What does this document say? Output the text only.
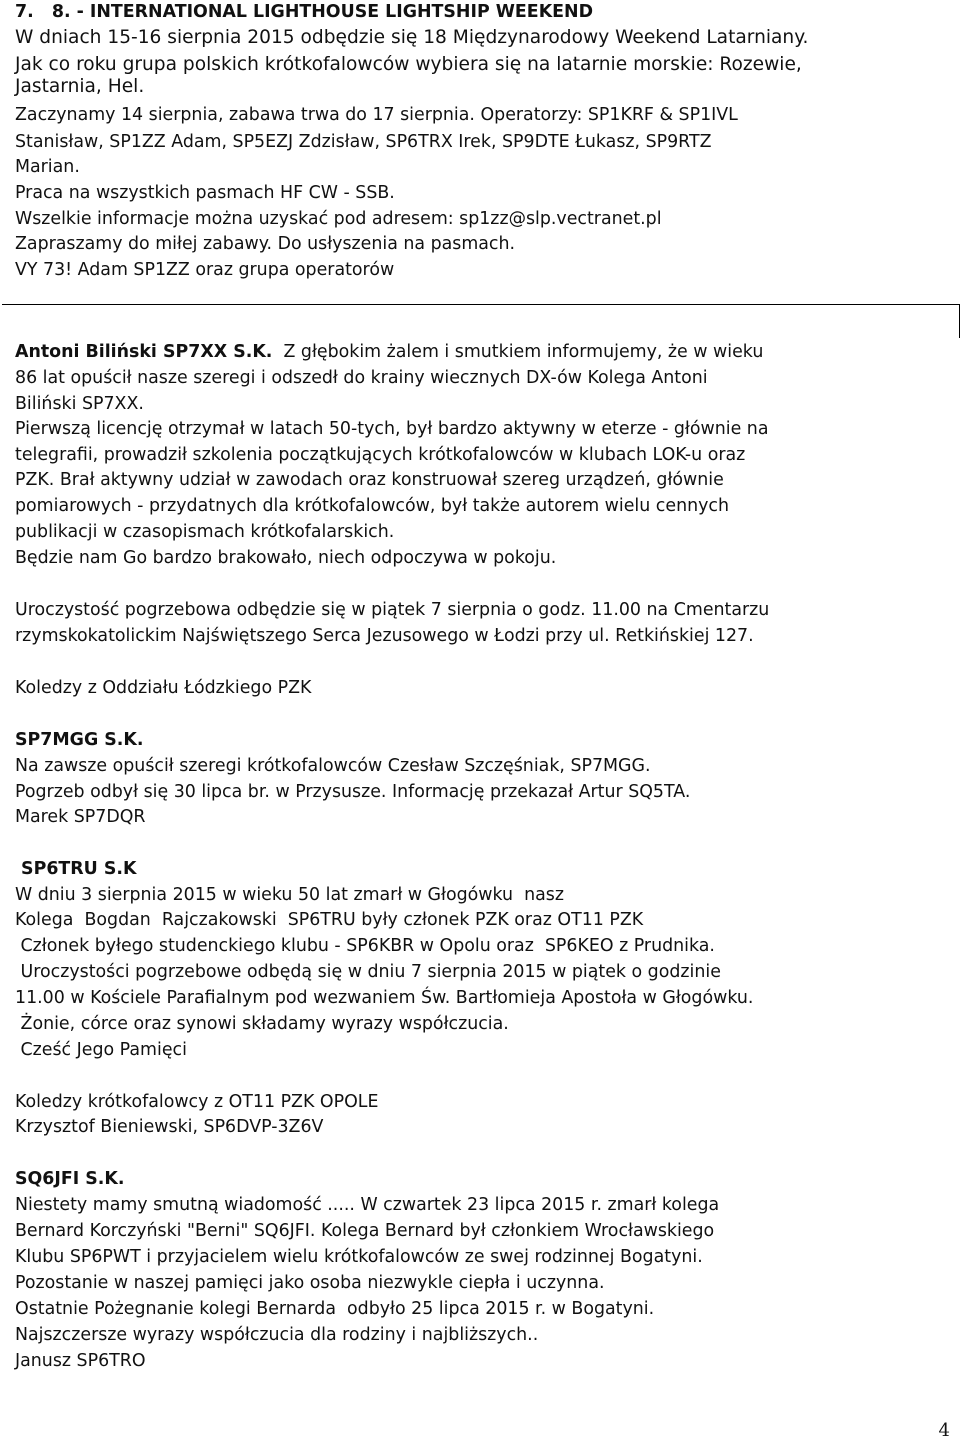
7.   8. - INTERNATIONAL LIGHTHOUSE LIGHTSHIP WEEKEND
W dniach 15-16 sierpnia 2015 odbędzie się 18 Międzynarodowy Weekend Latarniany.
Jak co roku grupa polskich krótkofalowców wybiera się na latarnie morskie: Rozewie,
Jastarnia, Hel.
Zaczynamy 14 sierpnia, zabawa trwa do 17 sierpnia. Operatorzy: SP1KRF & SP1IVL
Stanisław, SP1ZZ Adam, SP5EZJ Zdzisław, SP6TRX Irek, SP9DTE Łukasz, SP9RTZ
Marian.
Praca na wszystkich pasmach HF CW - SSB.
Wszelkie informacje można uzyskać pod adresem: sp1zz@slp.vectranet.pl
Zapraszamy do miłej zabawy. Do usłyszenia na pasmach.
VY 73! Adam SP1ZZ oraz grupa operatorów
Antoni Biliński SP7XX S.K.  Z głębokim żalem i smutkiem informujemy, że w wieku
86 lat opuścił nasze szeregi i odszedł do krainy wiecznych DX-ów Kolega Antoni
Biliński SP7XX.
Pierwszą licencję otrzymał w latach 50-tych, był bardzo aktywny w eterze - głównie na
telegrafii, prowadził szkolenia początkujących krótkofalowców w klubach LOK-u oraz
PZK. Brał aktywny udział w zawodach oraz konstruował szereg urządzeń, głównie
pomiarowych - przydatnych dla krótkofalowców, był także autorem wielu cennych
publikacji w czasopismach krótkofalarskich.
Będzie nam Go bardzo brakowało, niech odpoczywa w pokoju.
Uroczystość pogrzebowa odbędzie się w piątek 7 sierpnia o godz. 11.00 na Cmentarzu
rzymskokatolickim Najświętszego Serca Jezusowego w Łodzi przy ul. Retkińskiej 127.
Koledzy z Oddziału Łódzkiego PZK
SP7MGG S.K.
Na zawsze opuścił szeregi krótkofalowców Czesław Szczęśniak, SP7MGG.
Pogrzeb odbył się 30 lipca br. w Przysusze. Informację przekazał Artur SQ5TA.
Marek SP7DQR
SP6TRU S.K
W dniu 3 sierpnia 2015 w wieku 50 lat zmarł w Głogówku  nasz
Kolega  Bogdan  Rajczakowski  SP6TRU były członek PZK oraz OT11 PZK
Członek byłego studenckiego klubu - SP6KBR w Opolu oraz  SP6KEO z Prudnika.
Uroczystości pogrzebowe odbędą się w dniu 7 sierpnia 2015 w piątek o godzinie
11.00 w Kościele Parafialnym pod wezwaniem Św. Bartłomieja Apostoła w Głogówku.
Żonie, córce oraz synowi składamy wyrazy współczucia.
Cześć Jego Pamięci
Koledzy krótkofalowcy z OT11 PZK OPOLE
Krzysztof Bieniewski, SP6DVP-3Z6V
SQ6JFI S.K.
Niestety mamy smutną wiadomość ..... W czwartek 23 lipca 2015 r. zmarł kolega
Bernard Korczyński "Berni" SQ6JFI. Kolega Bernard był członkiem Wrocławskiego
Klubu SP6PWT i przyjacielem wielu krótkofalowców ze swej rodzinnej Bogatyni.
Pozostanie w naszej pamięci jako osoba niezwykle ciepła i uczynna.
Ostatnie Pożegnanie kolegi Bernarda  odbyło 25 lipca 2015 r. w Bogatyni.
Najszczersze wyrazy współczucia dla rodziny i najbliższych..
Janusz SP6TRO
4
